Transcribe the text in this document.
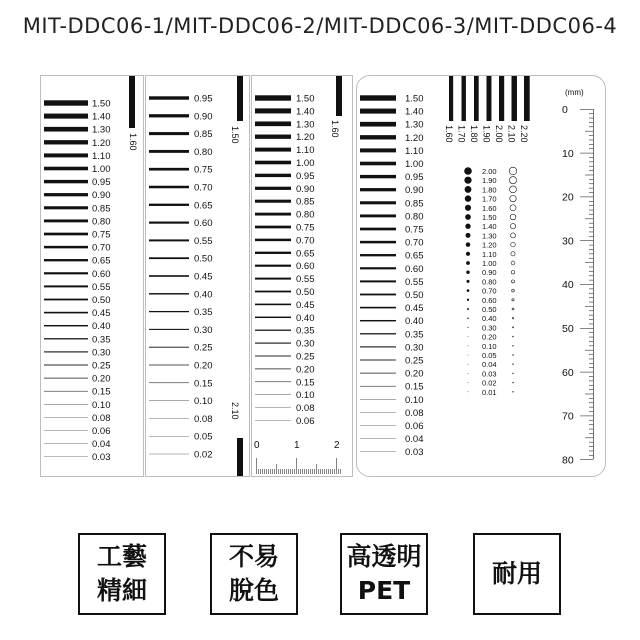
MIT-DDC06-1/MIT-DDC06-2/MIT-DDC06-3/MIT-DDC06-4
1.50
1.40
1.30
1.20
1.10
1.00
0.95
0.90
0.85
0.80
0.75
0.70
0.65
0.60
0.55
0.50
0.45
0.40
0.35
0.30
0.25
0.20
0.15
0.10
0.08
0.06
0.04
0.03
1.60
0.95
0.90
0.85
0.80
0.75
0.70
0.65
0.60
0.55
0.50
0.45
0.40
0.35
0.30
0.25
0.20
0.15
0.10
0.08
0.05
0.02
1.50
2.10
1.50
1.40
1.30
1.20
1.10
1.00
0.95
0.90
0.85
0.80
0.75
0.70
0.65
0.60
0.55
0.50
0.45
0.40
0.35
0.30
0.25
0.20
0.15
0.10
0.08
0.06
1.60
0	1	2
1.50
1.40
1.30
1.20
1.10
1.00
0.95
0.90
0.85
0.80
0.75
0.70
0.65
0.60
0.55
0.50
0.45
0.40
0.35
0.30
0.25
0.20
0.15
0.10
0.08
0.06
0.04
0.03
1.60 1.70 1.80 1.90 2.00 2.10 2.20
2.00
1.90
1.80
1.70
1.60
1.50
1.40
1.30
1.20
1.10
1.00
0.90
0.80
0.70
0.60
0.50
0.40
0.30
0.20
0.10
0.05
0.04
0.03
0.02
0.01
(mm)
0
10
20
30
40
50
60
70
80
工藝
精細
不易
脫色
高透明
PET
耐用
